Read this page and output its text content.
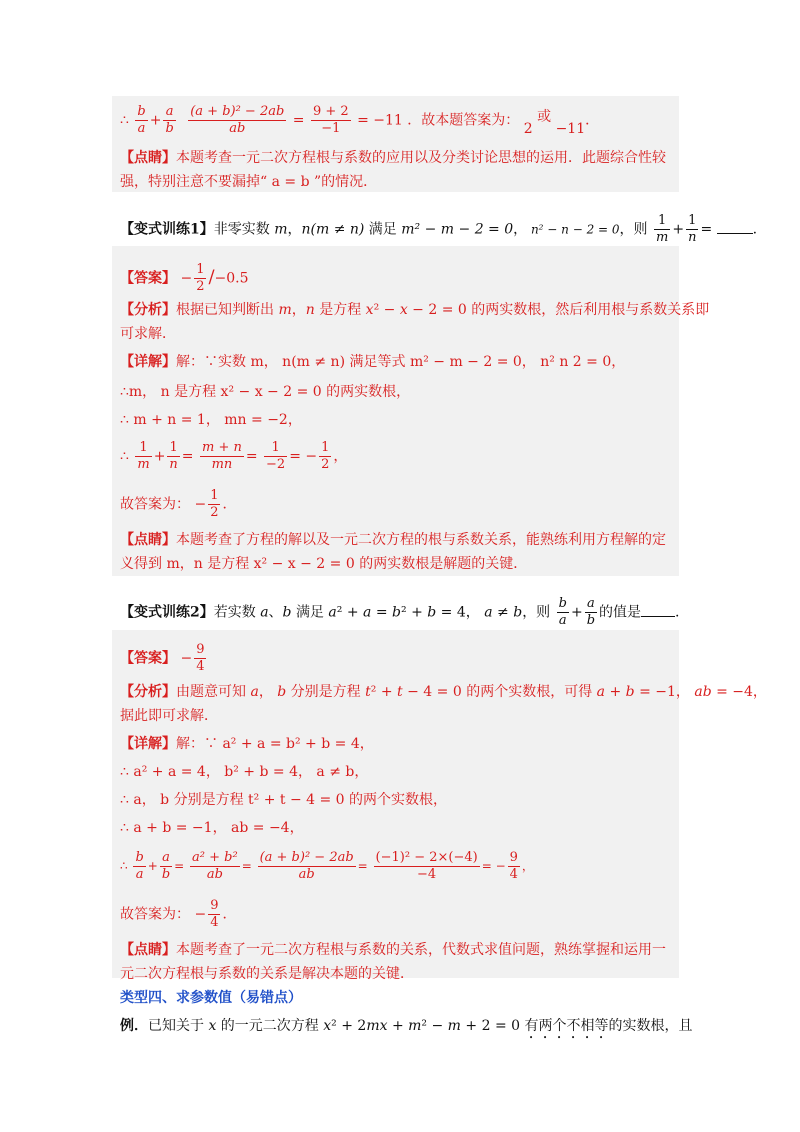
∴ $\frac{b}{a} + \frac{a}{b}$
$\frac{\text{(a + b)² − 2ab}}{ab} = \frac{9 + 2}{-1} = -11$ ．故本题答案为： 2 或 −11．
【点睛】本题考查一元二次方程根与系数的应用以及分类讨论思想的运用．此题综合性较
强，特别注意不要漏掉“ a = b ”的情况．
【变式训练1】非零实数 m，n(m ≠ n) 满足 m² − m − 2 = 0， n² − n − 2 = 0，则 $\frac{1}{m} + \frac{1}{n}$ =	.
【答案】 − $\frac{1}{2} /-0.5$
【分析】根据已知判断出 m，n 是方程 x² − x − 2 = 0 的两实数根，然后利用根与系数关系即
可求解．
【详解】解：∵实数 m， n(m ≠ n) 满足等式 m² − m − 2 = 0， n² n 2 = 0，
∴m， n 是方程 x² − x − 2 = 0 的两实数根，
∴ m + n = 1， mn = −2，
∴ $\frac{1}{m} + \frac{1}{n} = \frac{m + n}{mn} = \frac{1}{-2}$ = − $\frac{1}{2}$ ，
故答案为： − $\frac{1}{2}$ ．
【点睛】本题考查了方程的解以及一元二次方程的根与系数关系，能熟练利用方程解的定
义得到 m，n 是方程 x² − x − 2 = 0 的两实数根是解题的关键．
【变式训练2】若实数 a、b 满足 a² + a = b² + b = 4， a ≠ b，则 $\frac{b}{a} + \frac{a}{b}$ 的值是 .
【答案】 − $\frac{9}{4}$
【分析】由题意可知 a， b 分别是方程 t² + t − 4 = 0 的两个实数根，可得 a + b = −1， ab = −4，
据此即可求解．
【详解】解：∵ a² + a = b² + b = 4，
∴ a² + a = 4， b² + b = 4， a ≠ b，
∴ a， b 分别是方程 t² + t − 4 = 0 的两个实数根，
∴ a + b = −1， ab = −4，
∴ $\frac{b}{a} + \frac{a}{b} = \frac{\text{a² + b²}}{ab} = \frac{\text{(a + b)² − 2ab}}{ab} = \frac{\text{(−1)² − 2×(−4)}}{-4}$ = − $\frac{9}{4}$ ，
故答案为： − $\frac{9}{4}$ ．
【点睛】本题考查了一元二次方程根与系数的关系，代数式求值问题，熟练掌握和运用一
元二次方程根与系数的关系是解决本题的关键．
类型四、求参数值（易错点）
例．已知关于 x 的一元二次方程 x² + 2mx + m² − m + 2 = 0 有两个不相等的实数根，且
